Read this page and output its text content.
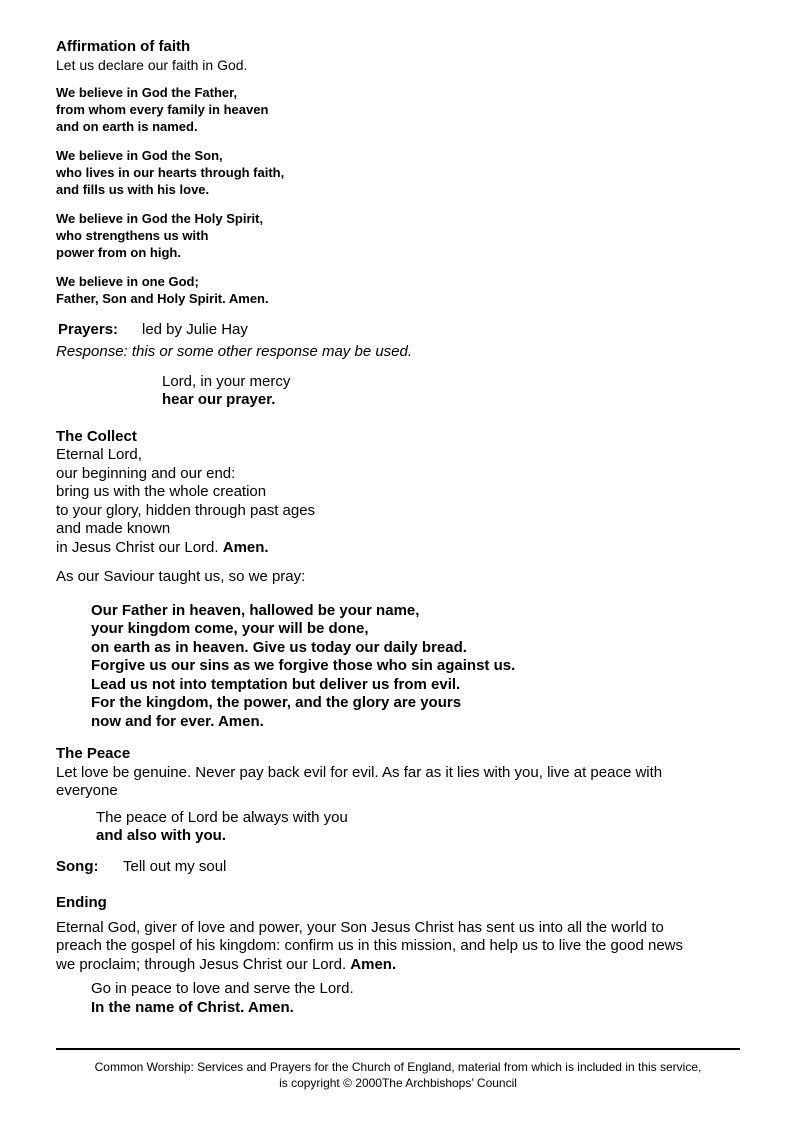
Affirmation of faith
Let us declare our faith in God.
We believe in God the Father,
from whom every family in heaven
and on earth is named.
We believe in God the Son,
who lives in our hearts through faith,
and fills us with his love.
We believe in God the Holy Spirit,
who strengthens us with
power from on high.
We believe in one God;
Father, Son and Holy Spirit. Amen.
Prayers: led by Julie Hay
Response: this or some other response may be used.
Lord, in your mercy
hear our prayer.
The Collect
Eternal Lord,
our beginning and our end:
bring us with the whole creation
to your glory, hidden through past ages
and made known
in Jesus Christ our Lord. Amen.
As our Saviour taught us, so we pray:
Our Father in heaven, hallowed be your name,
your kingdom come, your will be done,
on earth as in heaven. Give us today our daily bread.
Forgive us our sins as we forgive those who sin against us.
Lead us not into temptation but deliver us from evil.
For the kingdom, the power, and the glory are yours
now and for ever. Amen.
The Peace
Let love be genuine. Never pay back evil for evil. As far as it lies with you, live at peace with
everyone
The peace of Lord be always with you
and also with you.
Song: Tell out my soul
Ending
Eternal God, giver of love and power, your Son Jesus Christ has sent us into all the world to
preach the gospel of his kingdom: confirm us in this mission, and help us to live the good news
we proclaim; through Jesus Christ our Lord. Amen.
Go in peace to love and serve the Lord.
In the name of Christ. Amen.
Common Worship: Services and Prayers for the Church of England, material from which is included in this service,
is copyright © 2000The Archbishops’ Council
